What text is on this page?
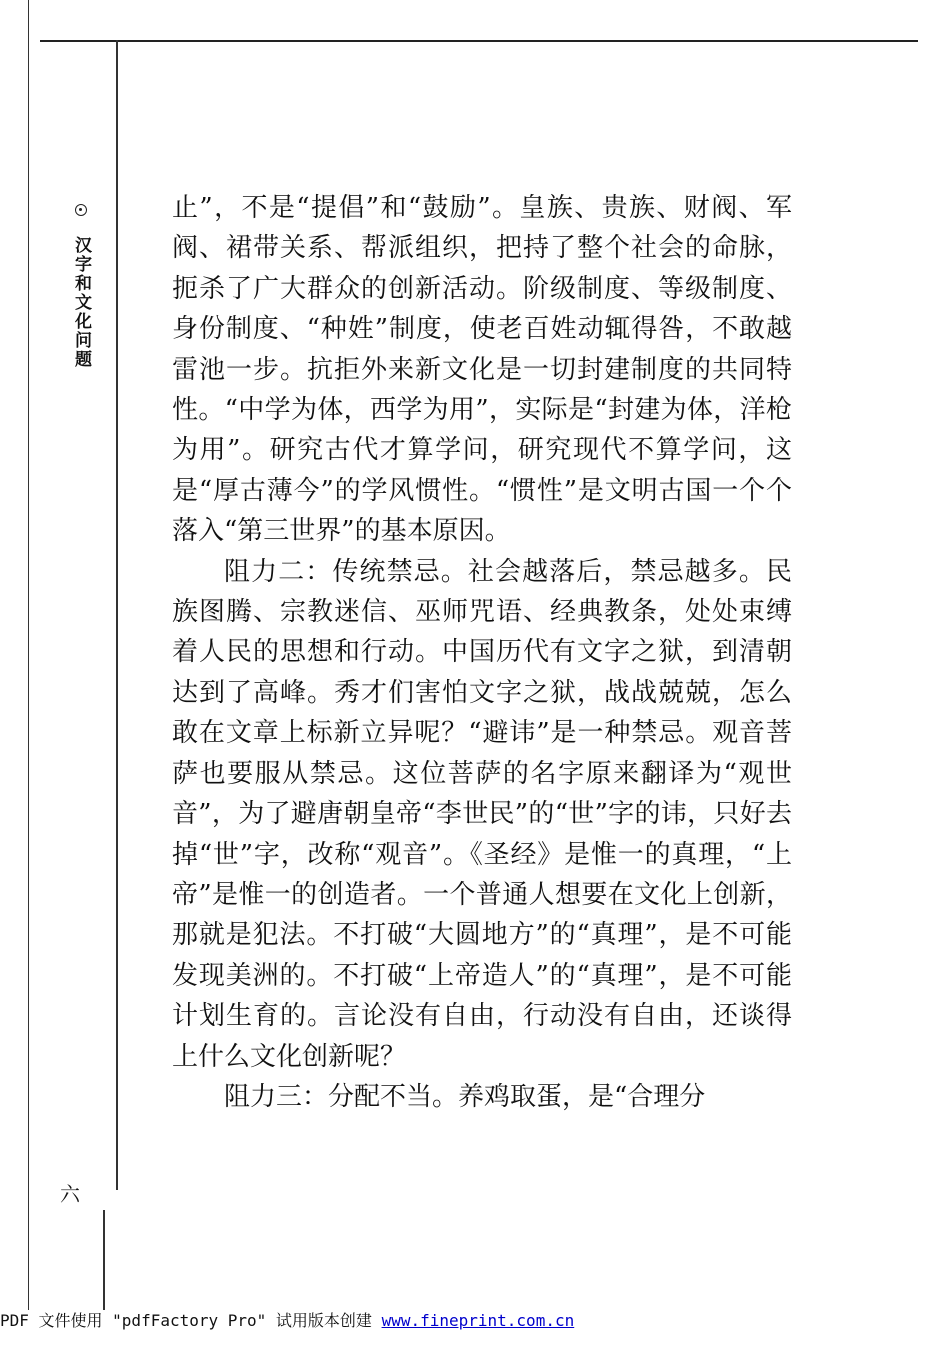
汉字和文化问题
六

止”，不是“提倡”和“鼓励”。皇族、贵族、财阀、军阀、裙带关系、帮派组织，把持了整个社会的命脉，扼杀了广大群众的创新活动。阶级制度、等级制度、身份制度、“种姓”制度，使老百姓动辄得咎，不敢越雷池一步。抗拒外来新文化是一切封建制度的共同特性。“中学为体，西学为用”，实际是“封建为体，洋枪为用”。研究古代才算学问，研究现代不算学问，这是“厚古薄今”的学风惯性。“惯性”是文明古国一个个落入“第三世界”的基本原因。

阻力二：传统禁忌。社会越落后，禁忌越多。民族图腾、宗教迷信、巫师咒语、经典教条，处处束缚着人民的思想和行动。中国历代有文字之狱，到清朝达到了高峰。秀才们害怕文字之狱，战战兢兢，怎么敢在文章上标新立异呢？“避讳”是一种禁忌。观音菩萨也要服从禁忌。这位菩萨的名字原来翻译为“观世音”，为了避唐朝皇帝“李世民”的“世”字的讳，只好去掉“世”字，改称“观音”。《圣经》是惟一的真理，“上帝”是惟一的创造者。一个普通人想要在文化上创新，那就是犯法。不打破“大圆地方”的“真理”，是不可能发现美洲的。不打破“上帝造人”的“真理”，是不可能计划生育的。言论没有自由，行动没有自由，还谈得上什么文化创新呢？

阻力三：分配不当。养鸡取蛋，是“合理分

PDF 文件使用 "pdfFactory Pro" 试用版本创建 www.fineprint.com.cn
